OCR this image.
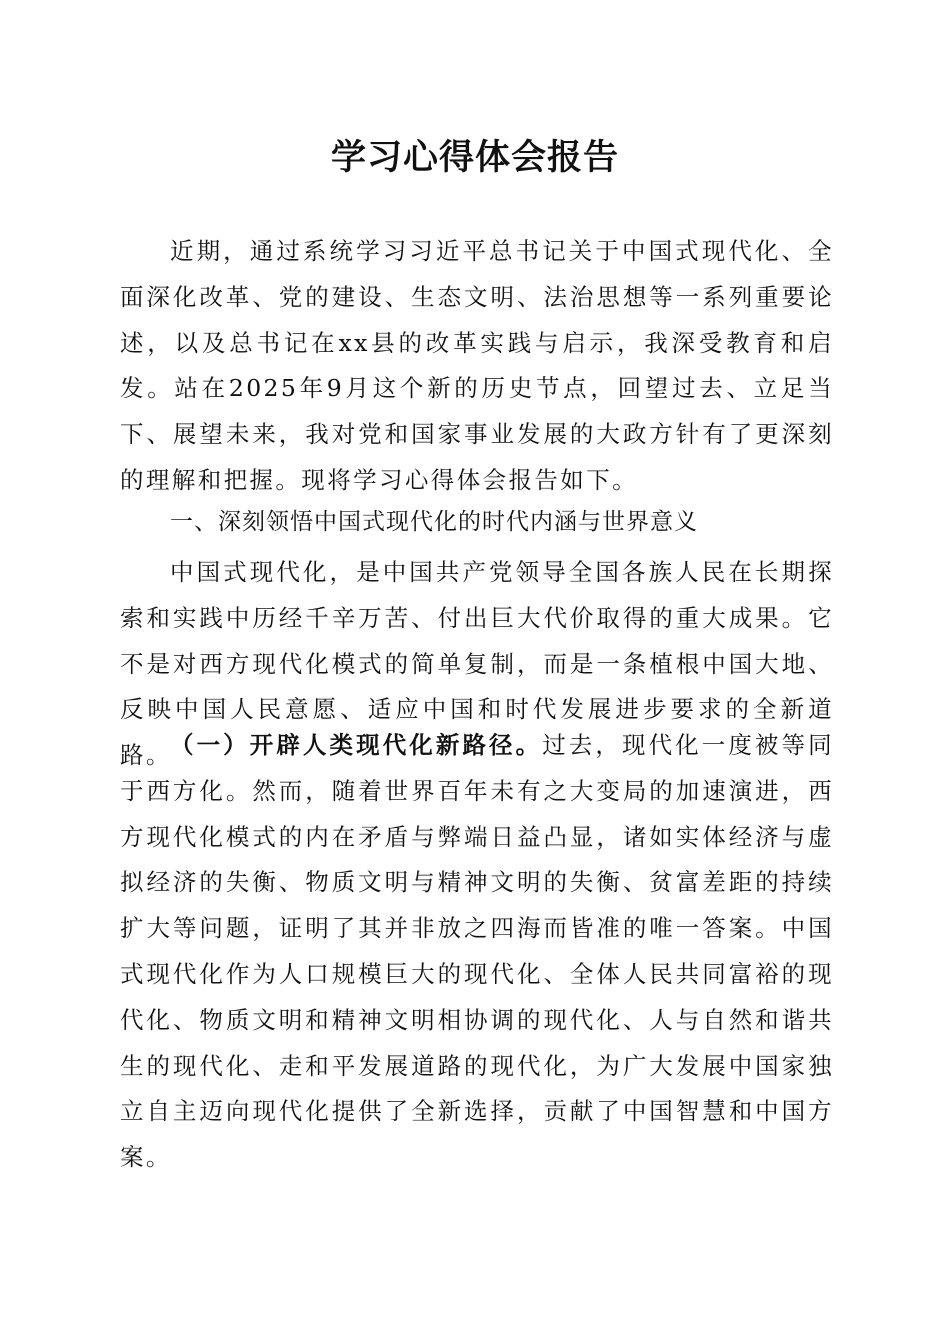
学习心得体会报告

近期，通过系统学习习近平总书记关于中国式现代化、全面深化改革、党的建设、生态文明、法治思想等一系列重要论述，以及总书记在xx县的改革实践与启示，我深受教育和启发。站在2025年9月这个新的历史节点，回望过去、立足当下、展望未来，我对党和国家事业发展的大政方针有了更深刻的理解和把握。现将学习心得体会报告如下。

一、深刻领悟中国式现代化的时代内涵与世界意义

中国式现代化，是中国共产党领导全国各族人民在长期探索和实践中历经千辛万苦、付出巨大代价取得的重大成果。它不是对西方现代化模式的简单复制，而是一条植根中国大地、反映中国人民意愿、适应中国和时代发展进步要求的全新道路。

（一）开辟人类现代化新路径。过去，现代化一度被等同于西方化。然而，随着世界百年未有之大变局的加速演进，西方现代化模式的内在矛盾与弊端日益凸显，诸如实体经济与虚拟经济的失衡、物质文明与精神文明的失衡、贫富差距的持续扩大等问题，证明了其并非放之四海而皆准的唯一答案。中国式现代化作为人口规模巨大的现代化、全体人民共同富裕的现代化、物质文明和精神文明相协调的现代化、人与自然和谐共生的现代化、走和平发展道路的现代化，为广大发展中国家独立自主迈向现代化提供了全新选择，贡献了中国智慧和中国方案。
